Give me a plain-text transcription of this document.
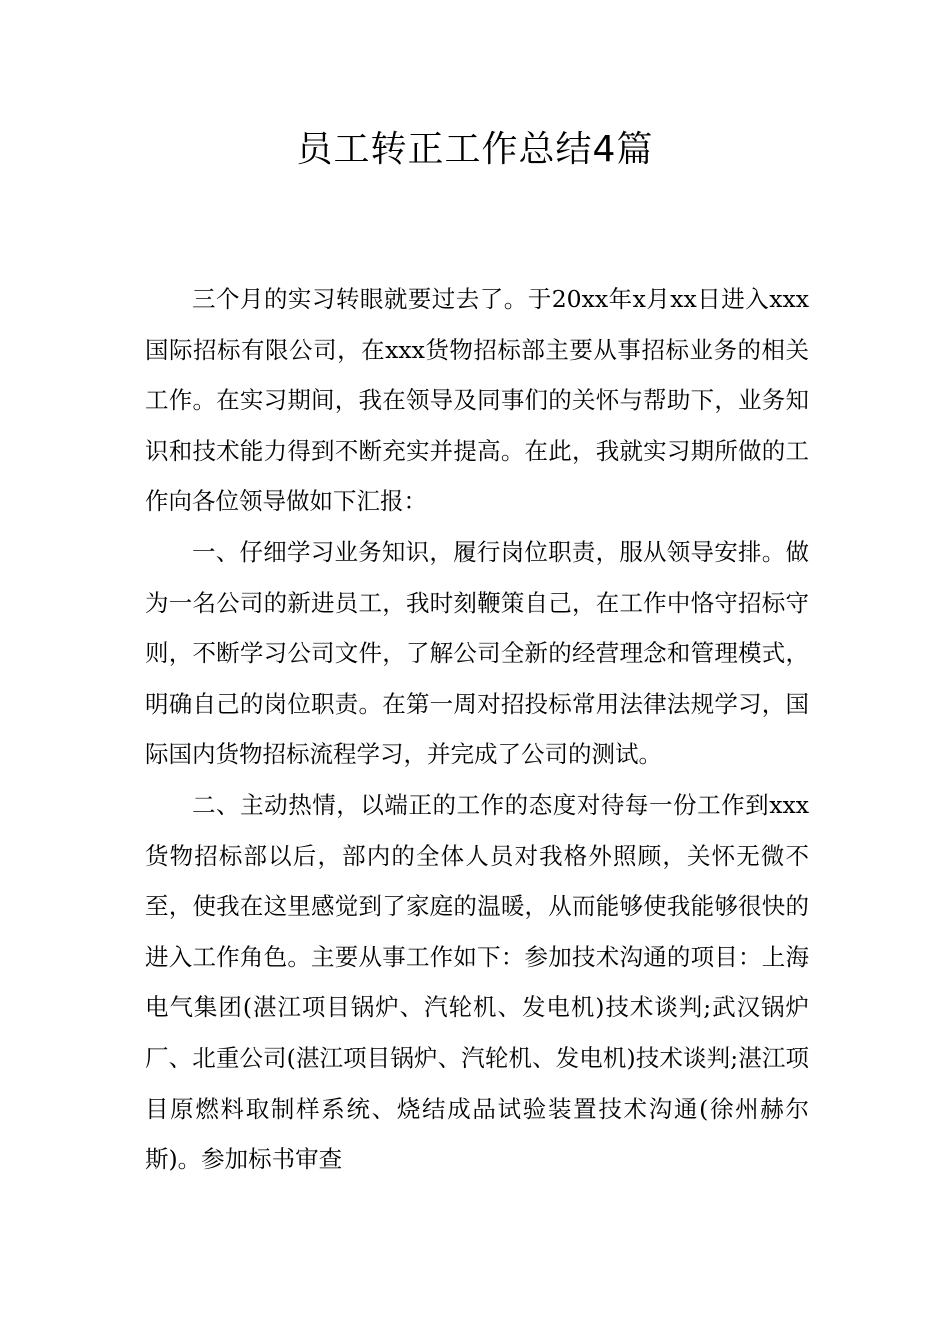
员工转正工作总结4篇

三个月的实习转眼就要过去了。于20xx年x月xx日进入xxx国际招标有限公司，在xxx货物招标部主要从事招标业务的相关工作。在实习期间，我在领导及同事们的关怀与帮助下，业务知识和技术能力得到不断充实并提高。在此，我就实习期所做的工作向各位领导做如下汇报：

一、仔细学习业务知识，履行岗位职责，服从领导安排。做为一名公司的新进员工，我时刻鞭策自己，在工作中恪守招标守则，不断学习公司文件，了解公司全新的经营理念和管理模式，明确自己的岗位职责。在第一周对招投标常用法律法规学习，国际国内货物招标流程学习，并完成了公司的测试。

二、主动热情，以端正的工作的态度对待每一份工作到xxx货物招标部以后，部内的全体人员对我格外照顾，关怀无微不至，使我在这里感觉到了家庭的温暖，从而能够使我能够很快的进入工作角色。主要从事工作如下：参加技术沟通的项目：上海电气集团(湛江项目锅炉、汽轮机、发电机)技术谈判;武汉锅炉厂、北重公司(湛江项目锅炉、汽轮机、发电机)技术谈判;湛江项目原燃料取制样系统、烧结成品试验装置技术沟通(徐州赫尔斯)。参加标书审查
